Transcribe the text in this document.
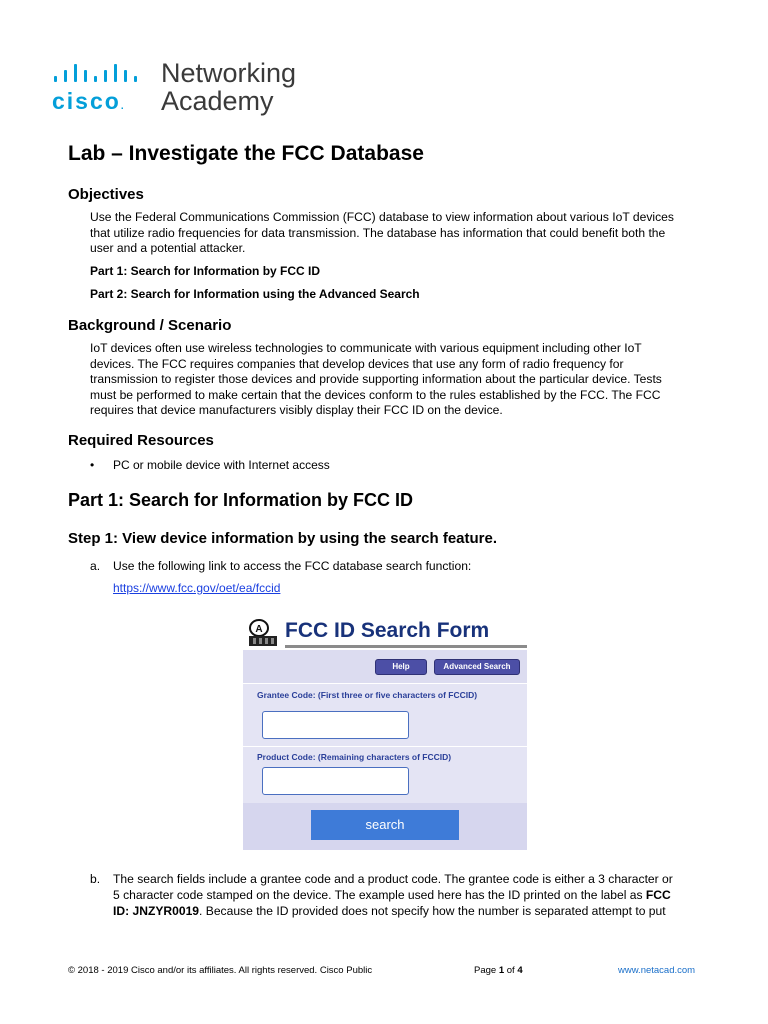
cisco.
Networking
Academy
Lab – Investigate the FCC Database
Objectives
Use the Federal Communications Commission (FCC) database to view information about various IoT devices
that utilize radio frequencies for data transmission. The database has information that could benefit both the
user and a potential attacker.
Part 1: Search for Information by FCC ID
Part 2: Search for Information using the Advanced Search
Background / Scenario
IoT devices often use wireless technologies to communicate with various equipment including other IoT
devices. The FCC requires companies that develop devices that use any form of radio frequency for
transmission to register those devices and provide supporting information about the particular device. Tests
must be performed to make certain that the devices conform to the rules established by the FCC. The FCC
requires that device manufacturers visibly display their FCC ID on the device.
Required Resources
• PC or mobile device with Internet access
Part 1: Search for Information by FCC ID
Step 1: View device information by using the search feature.
a. Use the following link to access the FCC database search function:
https://www.fcc.gov/oet/ea/fccid
A FCC ID Search Form
Help	Advanced Search
Grantee Code: (First three or five characters of FCCID)
Product Code: (Remaining characters of FCCID)
search
b. The search fields include a grantee code and a product code. The grantee code is either a 3 character or
5 character code stamped on the device. The example used here has the ID printed on the label as FCC
ID: JNZYR0019. Because the ID provided does not specify how the number is separated attempt to put
© 2018 - 2019 Cisco and/or its affiliates. All rights reserved. Cisco Public	Page 1 of 4	www.netacad.com
